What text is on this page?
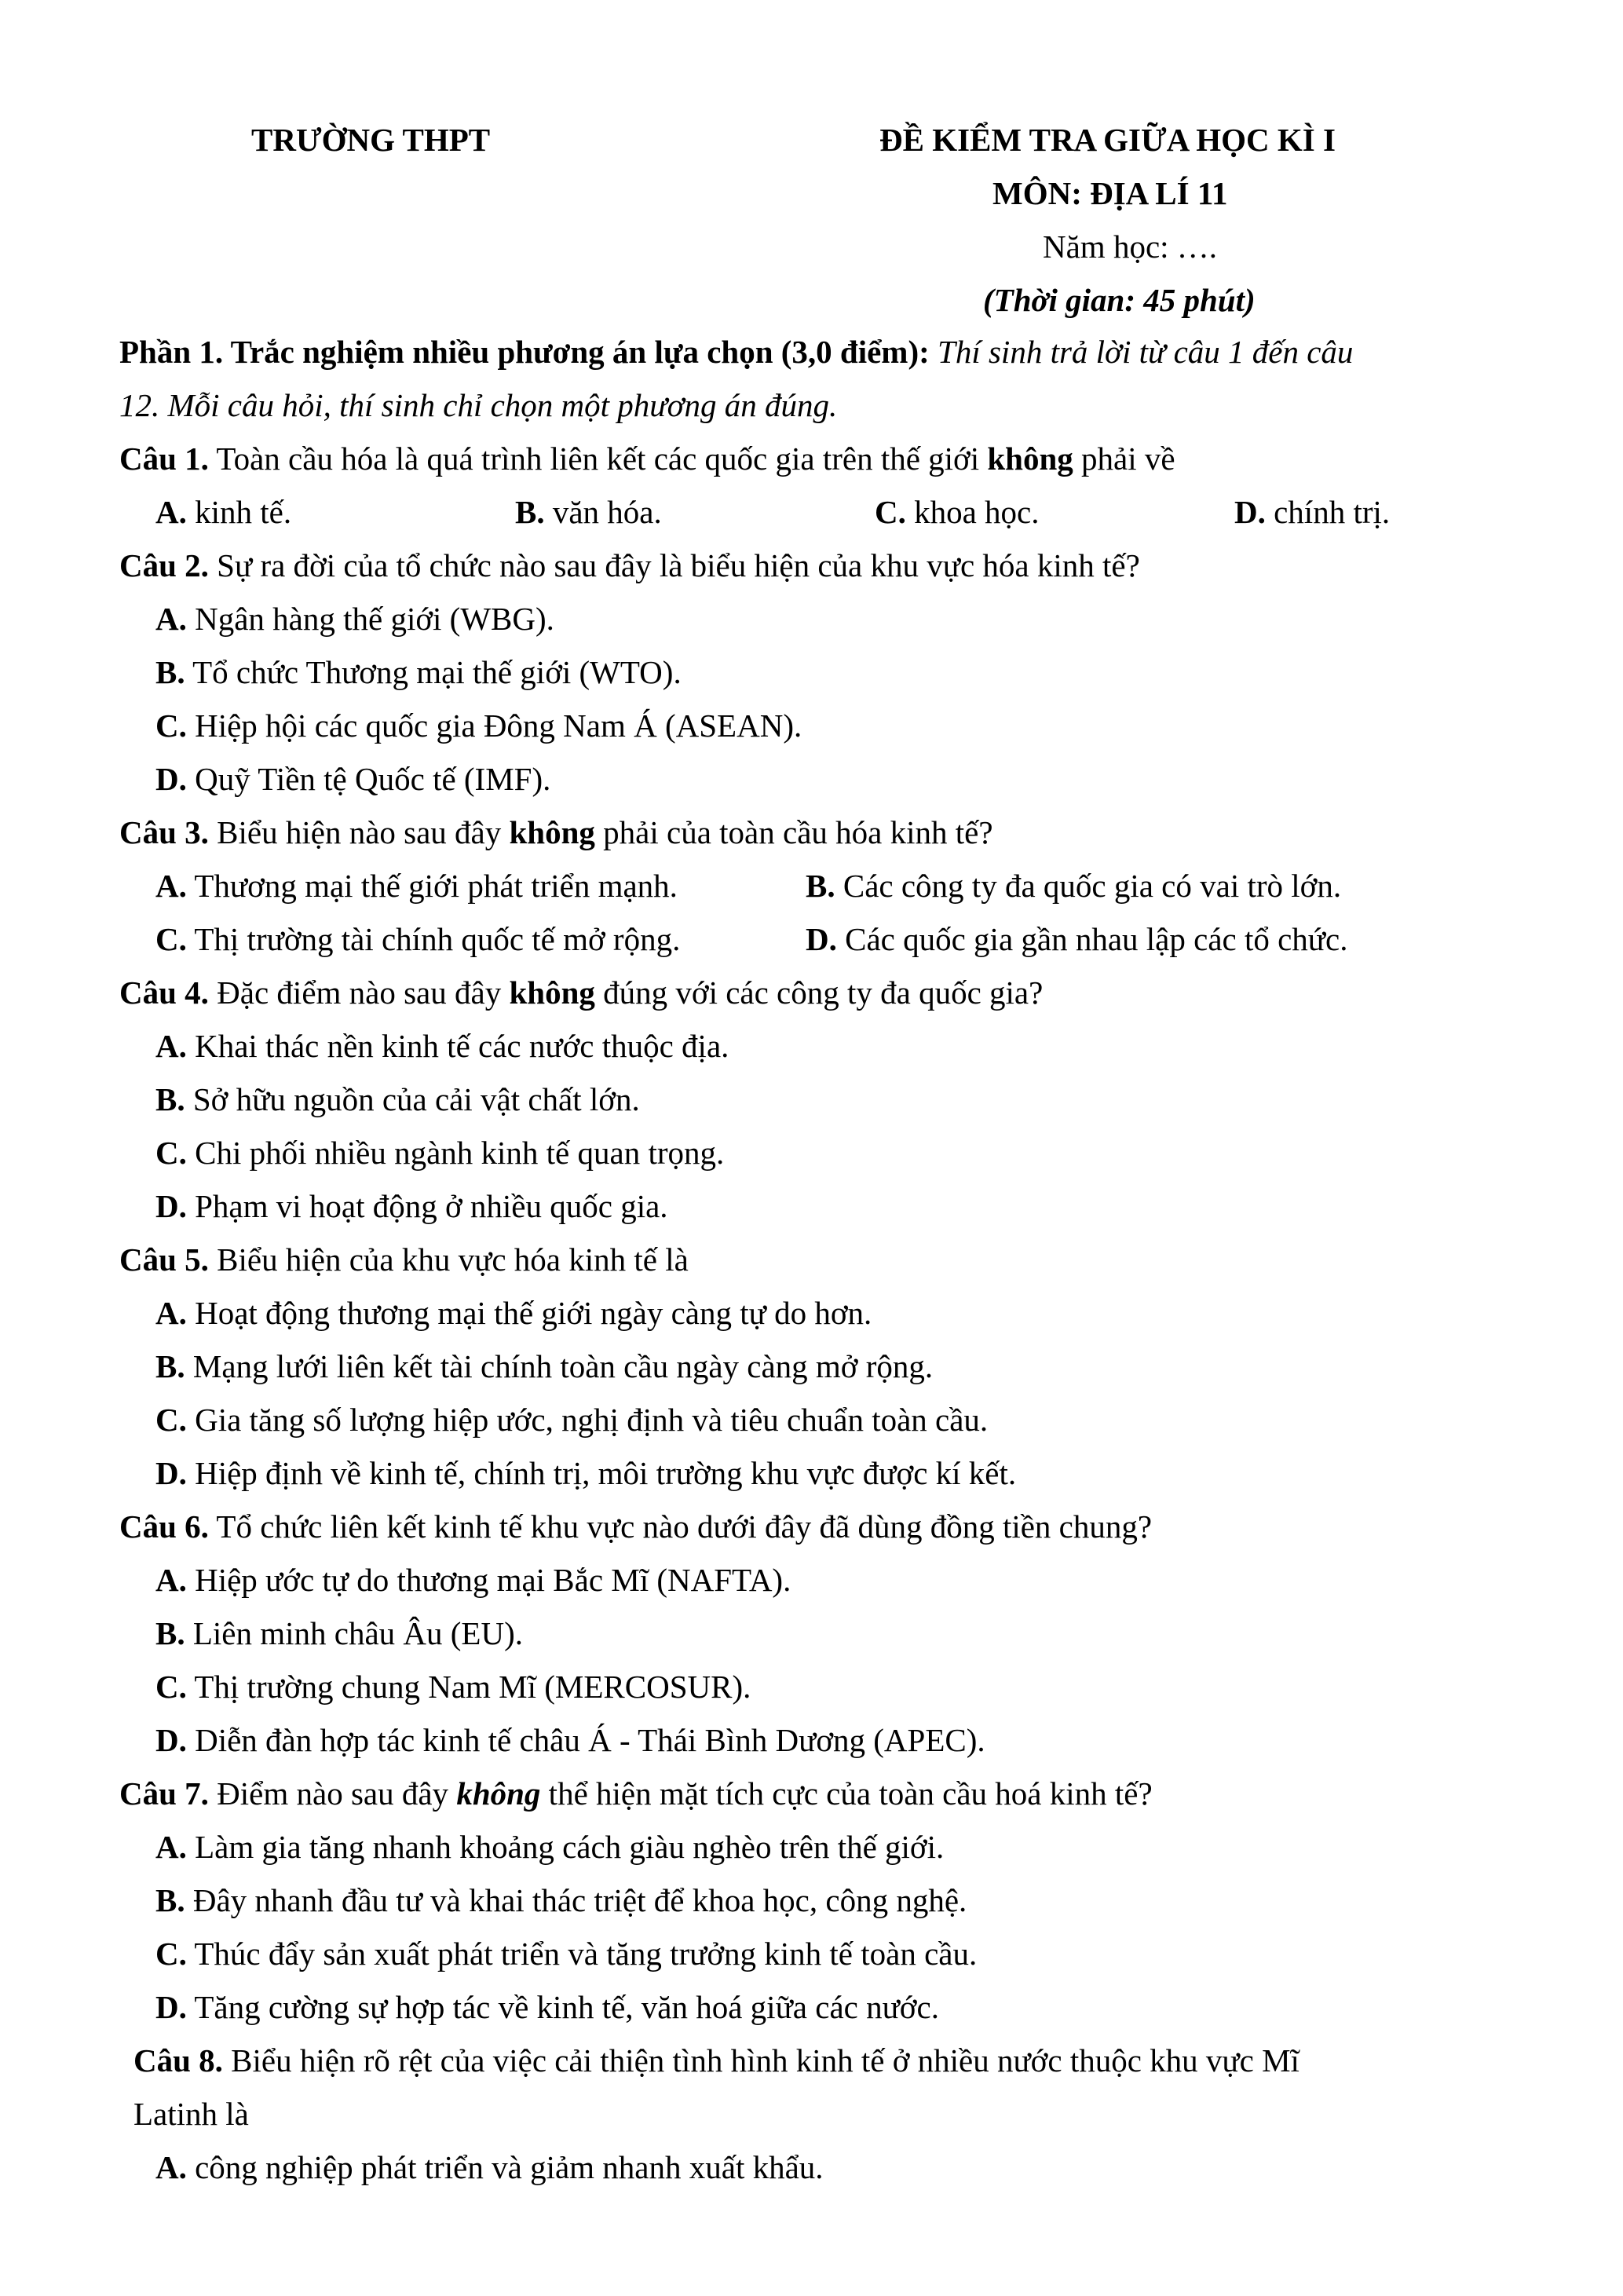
TRƯỜNG THPT	ĐỀ KIỂM TRA GIỮA HỌC KÌ I
MÔN: ĐỊA LÍ 11
Năm học: ….
(Thời gian: 45 phút)

Phần 1. Trắc nghiệm nhiều phương án lựa chọn (3,0 điểm): Thí sinh trả lời từ câu 1 đến câu

12. Mỗi câu hỏi, thí sinh chỉ chọn một phương án đúng.

Câu 1. Toàn cầu hóa là quá trình liên kết các quốc gia trên thế giới không phải về

A. kinh tế.	B. văn hóa.	C. khoa học.	D. chính trị.

Câu 2. Sự ra đời của tổ chức nào sau đây là biểu hiện của khu vực hóa kinh tế?

A. Ngân hàng thế giới (WBG).

B. Tổ chức Thương mại thế giới (WTO).

C. Hiệp hội các quốc gia Đông Nam Á (ASEAN).

D. Quỹ Tiền tệ Quốc tế (IMF).

Câu 3. Biểu hiện nào sau đây không phải của toàn cầu hóa kinh tế?

A. Thương mại thế giới phát triển mạnh.	B. Các công ty đa quốc gia có vai trò lớn.
C. Thị trường tài chính quốc tế mở rộng.	D. Các quốc gia gần nhau lập các tổ chức.

Câu 4. Đặc điểm nào sau đây không đúng với các công ty đa quốc gia?

A. Khai thác nền kinh tế các nước thuộc địa.

B. Sở hữu nguồn của cải vật chất lớn.

C. Chi phối nhiều ngành kinh tế quan trọng.

D. Phạm vi hoạt động ở nhiều quốc gia.

Câu 5. Biểu hiện của khu vực hóa kinh tế là

A. Hoạt động thương mại thế giới ngày càng tự do hơn.

B. Mạng lưới liên kết tài chính toàn cầu ngày càng mở rộng.

C. Gia tăng số lượng hiệp ước, nghị định và tiêu chuẩn toàn cầu.

D. Hiệp định về kinh tế, chính trị, môi trường khu vực được kí kết.

Câu 6. Tổ chức liên kết kinh tế khu vực nào dưới đây đã dùng đồng tiền chung?

A. Hiệp ước tự do thương mại Bắc Mĩ (NAFTA).

B. Liên minh châu Âu (EU).

C. Thị trường chung Nam Mĩ (MERCOSUR).

D. Diễn đàn hợp tác kinh tế châu Á - Thái Bình Dương (APEC).

Câu 7. Điểm nào sau đây không thể hiện mặt tích cực của toàn cầu hoá kinh tế?

A. Làm gia tăng nhanh khoảng cách giàu nghèo trên thế giới.

B. Đây nhanh đầu tư và khai thác triệt để khoa học, công nghệ.

C. Thúc đẩy sản xuất phát triển và tăng trưởng kinh tế toàn cầu.

D. Tăng cường sự hợp tác về kinh tế, văn hoá giữa các nước.

Câu 8. Biểu hiện rõ rệt của việc cải thiện tình hình kinh tế ở nhiều nước thuộc khu vực Mĩ

Latinh là

A. công nghiệp phát triển và giảm nhanh xuất khẩu.
